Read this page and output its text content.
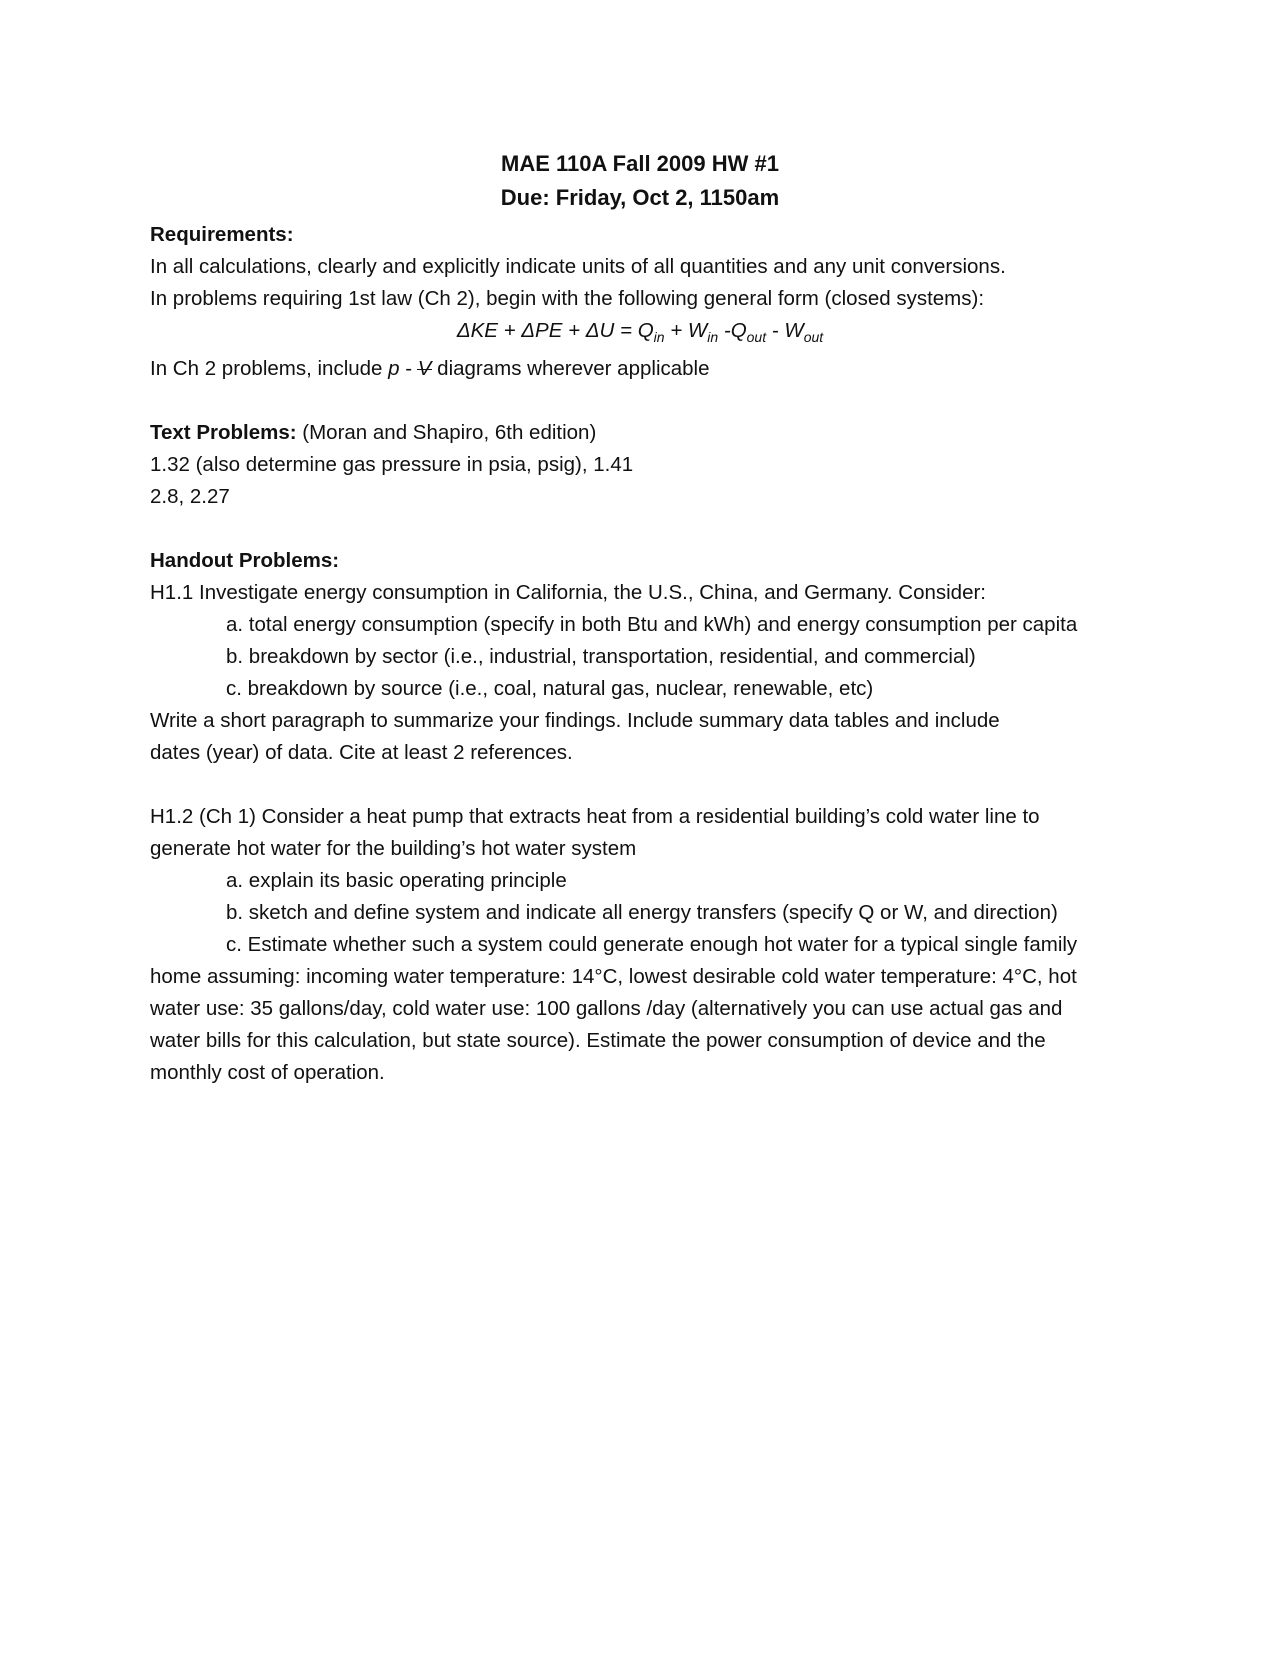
MAE 110A Fall 2009 HW #1
Due: Friday, Oct 2, 1150am
Requirements:
In all calculations, clearly and explicitly indicate units of all quantities and any unit conversions.
In problems requiring 1st law (Ch 2), begin with the following general form (closed systems):
$\Delta KE + \Delta PE + \Delta U = Q_{in} + W_{in}$ $-Q_{out} - W_{out}$
In Ch 2 problems, include p - V
diagrams wherever applicable
Text Problems: (Moran and Shapiro, 6th edition)
1.32 (also determine gas pressure in psia, psig), 1.41
2.8, 2.27
Handout Problems:
H1.1 Investigate energy consumption in California, the U.S., China, and Germany. Consider:
a. total energy consumption (specify in both Btu and kWh) and energy consumption per capita
b. breakdown by sector (i.e., industrial, transportation, residential, and commercial)
c. breakdown by source (i.e., coal, natural gas, nuclear, renewable, etc)
Write a short paragraph to summarize your findings. Include summary data tables and include
dates (year) of data. Cite at least 2 references.
H1.2 (Ch 1) Consider a heat pump that extracts heat from a residential building’s cold water line to
generate hot water for the building’s hot water system
a. explain its basic operating principle
b. sketch and define system and indicate all energy transfers (specify Q or W, and direction)
c. Estimate whether such a system could generate enough hot water for a typical single family
home assuming: incoming water temperature: 14°C, lowest desirable cold water temperature: 4°C, hot
water use: 35 gallons/day, cold water use: 100 gallons /day (alternatively you can use actual gas and
water bills for this calculation, but state source). Estimate the power consumption of device and the
monthly cost of operation.
